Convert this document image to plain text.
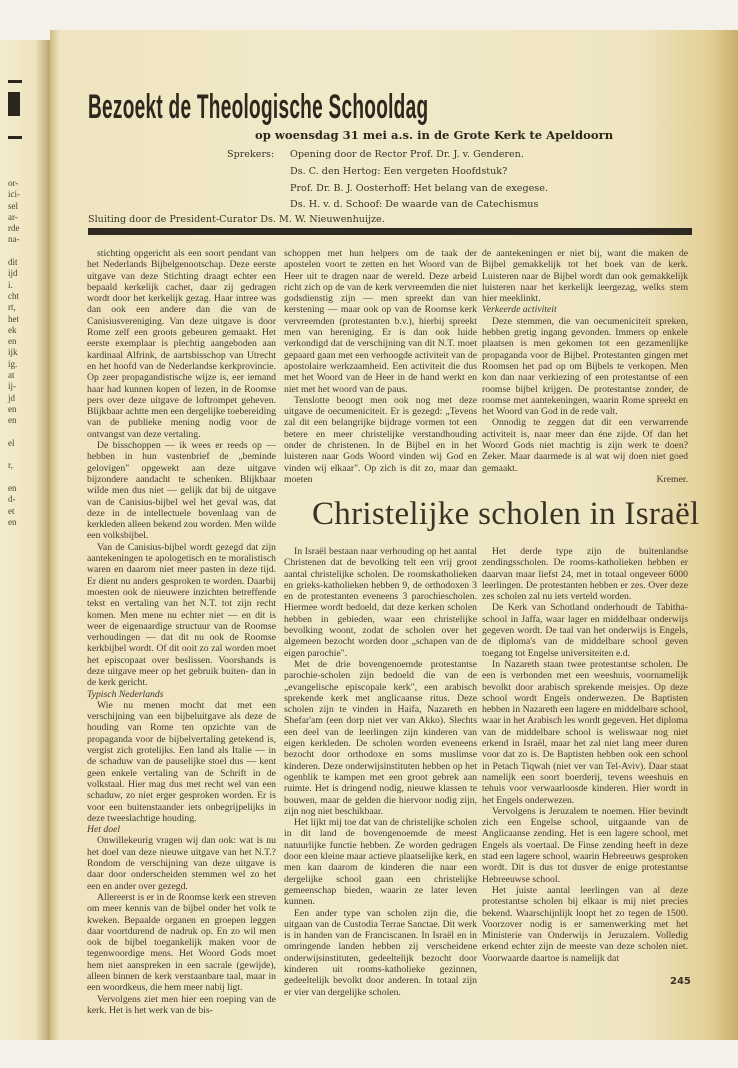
or-
ici-
sel
ar-
rde
na-
dit
ijd
i.
cht
rt,
het
ek
en
ijk
ig.
at
ij-
jd
en
en
el
r,
en
d-
et
en
Bezoekt de Theologische Schooldag
op woensdag 31 mei a.s. in de Grote Kerk te Apeldoorn
Sprekers: Opening door de Rector Prof. Dr. J. v. Genderen.
Ds. C. den Hertog: Een vergeten Hoofdstuk?
Prof. Dr. B. J. Oosterhoff: Het belang van de exegese.
Ds. H. v. d. Schoof: De waarde van de Catechismus
Sluiting door de President-Curator Ds. M. W. Nieuwenhuijze.

stichting opgericht als een soort pendant van het Nederlands Bijbelgenootschap. Deze eerste uitgave van deze Stichting draagt echter een bepaald kerkelijk cachet, daar zij gedragen wordt door het kerkelijk gezag. Haar intree was dan ook een andere dan die van de Canisiusvereniging. Van deze uitgave is door Rome zelf een groots gebeuren gemaakt. Het eerste exemplaar is plechtig aangeboden aan kardinaal Alfrink, de aartsbisschop van Utrecht en het hoofd van de Nederlandse kerkprovincie. Op zeer propagandistische wijze is, eer iemand haar had kunnen kopen of lezen, in de Roomse pers over deze uitgave de loftrompet geheven. Blijkbaar achtte men een dergelijke toebereiding van de publieke mening nodig voor de ontvangst van deze vertaling.

De bisschoppen — ik wees er reeds op — hebben in hun vastenbrief de „beminde gelovigen" opgewekt aan deze uitgave bijzondere aandacht te schenken. Blijkbaar wilde men dus niet — gelijk dat bij de uitgave van de Canisius-bijbel wel het geval was, dat deze in de intellectuele bovenlaag van de kerkleden alleen bekend zou worden. Men wilde een volksbijbel.

Van de Canisius-bijbel wordt gezegd dat zijn aantekeningen te apologetisch en te moralistisch waren en daarom niet meer pasten in deze tijd. Er dient nu anders gesproken te worden. Daarbij moesten ook de nieuwere inzichten betreffende tekst en vertaling van het N.T. tot zijn recht komen. Men mene nu echter niet — en dit is weer de eigenaardige structuur van de Roomse verhoudingen — dat dit nu ook de Roomse kerkbijbel wordt. Of dit ooit zo zal worden moet het episcopaat over beslissen. Voorshands is deze uitgave meer op het gebruik buiten- dan in de kerk gericht.

Typisch Nederlands

Wie nu menen mocht dat met een verschijning van een bijbeluitgave als deze de houding van Rome ten opzichte van de propaganda voor de bijbelvertaling getekend is, vergist zich grotelijks. Een land als Italie — in de schaduw van de pauselijke stoel dus — kent geen enkele vertaling van de Schrift in de volkstaal. Hier mag dus met recht wel van een schaduw, zo niet erger gesproken worden. Er is voor een buitenstaander iets onbegrijpelijks in deze tweeslachtige houding.

Het doel

Onwillekeurig vragen wij dan ook: wat is nu het doel van deze nieuwe uitgave van het N.T.? Rondom de verschijning van deze uitgave is daar door onderscheiden stemmen wel zo het een en ander over gezegd.

Allereerst is er in de Roomse kerk een streven om meer kennis van de bijbel onder het volk te kweken. Bepaalde organen en groepen leggen daar voortdurend de nadruk op. En zo wil men ook de bijbel toegankelijk maken voor de tegenwoordige mens. Het Woord Gods moet hem niet aanspreken in een sacrale (gewijde), alleen binnen de kerk verstaanbare taal, maar in een woordkeus, die hem meer nabij ligt.

Vervolgens ziet men hier een roeping van de kerk. Het is het werk van de bis-

schoppen met hun helpers om de taak der apostelen voort te zetten en het Woord van de Heer uit te dragen naar de wereld. Deze arbeid richt zich op de van de kerk vervreemden die niet godsdienstig zijn — men spreekt dan van kerstening — maar ook op van de Roomse kerk vervreemden (protestanten b.v.), hierbij spreekt men van hereniging. Er is dan ook luide verkondigd dat de verschijning van dit N.T. moet gepaard gaan met een verhoogde activiteit van de apostolaire werkzaamheid. Een activiteit die dus met het Woord van de Heer in de hand werkt en niet met het woord van de paus.

Tenslotte beoogt men ook nog met deze uitgave de oecumeniciteit. Er is gezegd: „Tevens zal dit een belangrijke bijdrage vormen tot een betere en meer christelijke verstandhouding onder de christenen. In de Bijbel en in het luisteren naar Gods Woord vinden wij God en vinden wij elkaar". Op zich is dit zo, maar dan moeten

de aantekeningen er niet bij, want die maken de Bijbel gemakkelijk tot het boek van de kerk. Luisteren naar de Bijbel wordt dan ook gemakkelijk luisteren naar het kerkelijk leergezag, welks stem hier meeklinkt.

Verkeerde activiteit

Deze stemmen, die van oecumeniciteit spreken, hebben gretig ingang gevonden. Immers op enkele plaatsen is men gekomen tot een gezamenlijke propaganda voor de Bijbel. Protestanten gingen met Roomsen het pad op om Bijbels te verkopen. Men kon dan naar verkiezing of een protestantse of een roomse bijbel krijgen. De protestantse zonder, de roomse met aantekeningen, waarin Rome spreekt en het Woord van God in de rede valt.

Onnodig te zeggen dat dit een verwarrende activiteit is, naar meer dan éne zijde. Of dan het Woord Gods niet machtig is zijn werk te doen? Zeker. Maar daarmede is al wat wij doen niet goed gemaakt.

Kremer.

Christelijke scholen in Israël

In Israël bestaan naar verhouding op het aantal Christenen dat de bevolking telt een vrij groot aantal christelijke scholen. De roomskatholieken en grieks-katholieken hebben 9, de orthodoxen 3 en de protestanten eveneens 3 parochiescholen. Hiermee wordt bedoeld, dat deze kerken scholen hebben in gebieden, waar een christelijke bevolking woont, zodat de scholen over het algemeen bezocht worden door „schapen van de eigen parochie".

Met de drie bovengenoemde protestantse parochie-scholen zijn bedoeld die van de „evangelische episcopale kerk", een arabisch sprekende kerk met anglicaanse ritus. Deze scholen zijn te vinden in Haifa, Nazareth en Shefar'am (een dorp niet ver van Akko). Slechts een deel van de leerlingen zijn kinderen van eigen kerkleden. De scholen worden eveneens bezocht door orthodoxe en soms muslimse kinderen. Deze onderwijsinstituten hebben op het ogenblik te kampen met een groot gebrek aan ruimte. Het is dringend nodig, nieuwe klassen te bouwen, maar de gelden die hiervoor nodig zijn, zijn nog niet beschikbaar.

Het lijkt mij toe dat van de christelijke scholen in dit land de bovengenoemde de meest natuurlijke functie hebben. Ze worden gedragen door een kleine maar actieve plaatselijke kerk, en men kan daarom de kinderen die naar een dergelijke school gaan een christelijke gemeenschap bieden, waarin ze later leven kunnen.

Een ander type van scholen zijn die, die uitgaan van de Custodia Terrae Sanctae. Dit werk is in handen van de Franciscanen. In Israël en in omringende landen hebben zij verscheidene onderwijsinstituten, gedeeltelijk bezocht door kinderen uit rooms-katholieke gezinnen, gedeeltelijk bevolkt door anderen. In totaal zijn er vier van dergelijke scholen.

Het derde type zijn de buitenlandse zendingsscholen. De rooms-katholieken hebben er daarvan maar liefst 24, met in totaal ongeveer 6000 leerlingen. De protestanten hebben er zes. Over deze zes scholen zal nu iets verteld worden.

De Kerk van Schotland onderhoudt de Tabitha-school in Jaffa, waar lager en middelbaar onderwijs gegeven wordt. De taal van het onderwijs is Engels, de diploma's van de middelbare school geven toegang tot Engelse universiteiten e.d.

In Nazareth staan twee protestantse scholen. De een is verbonden met een weeshuis, voornamelijk bevolkt door arabisch sprekende meisjes. Op deze school wordt Engels onderwezen. De Baptisten hebben in Nazareth een lagere en middelbare school, waar in het Arabisch les wordt gegeven. Het diploma van de middelbare school is weliswaar nog niet erkend in Israël, maar het zal niet lang meer duren voor dat zo is. De Baptisten hebben ook een school in Petach Tiqwah (niet ver van Tel-Aviv). Daar staat namelijk een soort boerderij, tevens weeshuis en tehuis voor verwaarloosde kinderen. Hier wordt in het Engels onderwezen.

Vervolgens is Jeruzalem te noemen. Hier bevindt zich een Engelse school, uitgaande van de Anglicaanse zending. Het is een lagere school, met Engels als voertaal. De Finse zending heeft in deze stad een lagere school, waarin Hebreeuws gesproken wordt. Dit is dus tot dusver de enige protestantse Hebreeuwse school.

Het juiste aantal leerlingen van al deze protestantse scholen bij elkaar is mij niet precies bekend. Waarschijnlijk loopt het zo tegen de 1500. Voorzover nodig is er samenwerking met het Ministerie van Onderwijs in Jeruzalem. Volledig erkend echter zijn de meeste van deze scholen niet. Voorwaarde daartoe is namelijk dat

245
